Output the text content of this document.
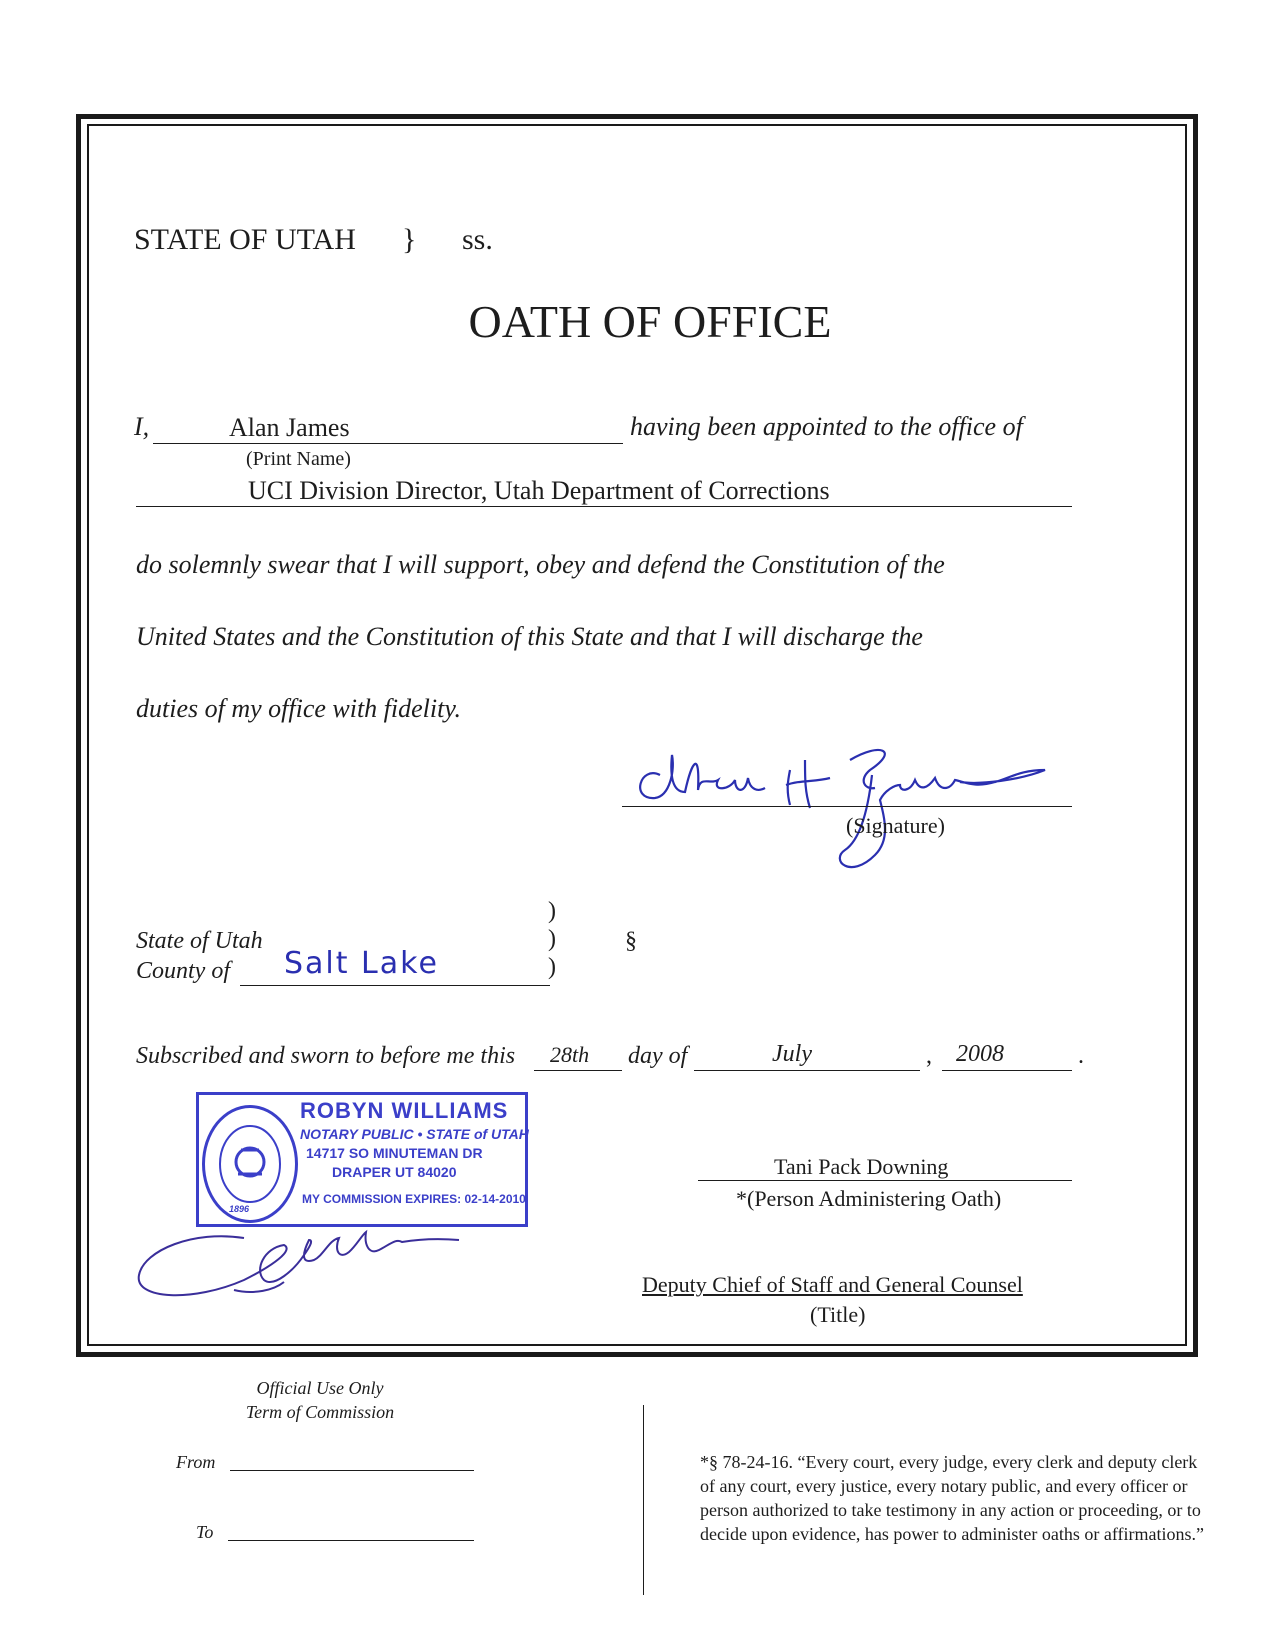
STATE OF UTAH } ss.
OATH OF OFFICE
I,	Alan James	having been appointed to the office of
(Print Name)
UCI Division Director, Utah Department of Corrections
do solemnly swear that I will support, obey and defend the Constitution of the
United States and the Constitution of this State and that I will discharge the
duties of my office with fidelity.
(Signature)
)
)
)
State of Utah
County of Salt Lake
§
Subscribed and sworn to before me this 28th day of	July	, 2008	.
1896
ROBYN WILLIAMS
NOTARY PUBLIC • STATE of UTAH
14717 SO MINUTEMAN DR
DRAPER UT 84020
MY COMMISSION EXPIRES: 02-14-2010
Tani Pack Downing
*(Person Administering Oath)
Deputy Chief of Staff and General Counsel
(Title)
Official Use Only
Term of Commission
From
To
*§ 78-24-16. “Every court, every judge, every clerk and deputy clerk of any court, every justice, every notary public, and every officer or person authorized to take testimony in any action or proceeding, or to decide upon evidence, has power to administer oaths or affirmations.”
